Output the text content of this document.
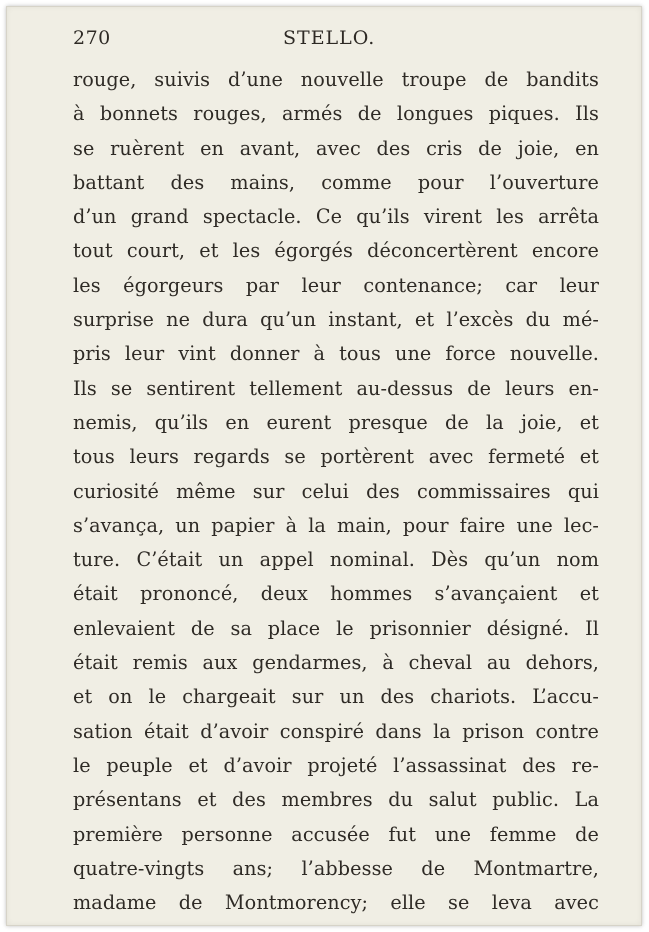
270	STELLO.
rouge, suivis d’une nouvelle troupe de bandits
à bonnets rouges, armés de longues piques. Ils
se ruèrent en avant, avec des cris de joie, en
battant des mains, comme pour l’ouverture
d’un grand spectacle. Ce qu’ils virent les arrêta
tout court, et les égorgés déconcertèrent encore
les égorgeurs par leur contenance; car leur
surprise ne dura qu’un instant, et l’excès du mé-
pris leur vint donner à tous une force nouvelle.
Ils se sentirent tellement au-dessus de leurs en-
nemis, qu’ils en eurent presque de la joie, et
tous leurs regards se portèrent avec fermeté et
curiosité même sur celui des commissaires qui
s’avança, un papier à la main, pour faire une lec-
ture. C’était un appel nominal. Dès qu’un nom
était prononcé, deux hommes s’avançaient et
enlevaient de sa place le prisonnier désigné. Il
était remis aux gendarmes, à cheval au dehors,
et on le chargeait sur un des chariots. L’accu-
sation était d’avoir conspiré dans la prison contre
le peuple et d’avoir projeté l’assassinat des re-
présentans et des membres du salut public. La
première personne accusée fut une femme de
quatre-vingts ans; l’abbesse de Montmartre,
madame de Montmorency; elle se leva avec
